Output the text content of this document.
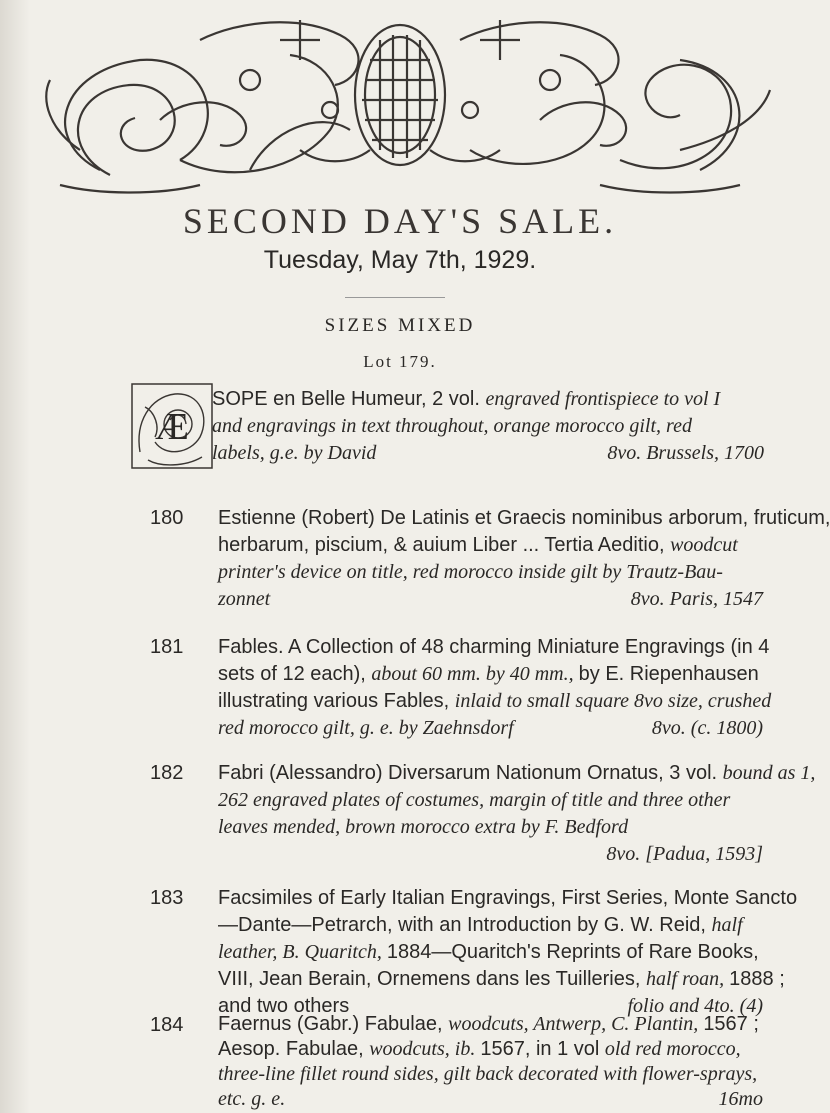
SECOND DAY'S SALE.
Tuesday, May 7th, 1929.
SIZES MIXED
Lot 179.
Æ
SOPE en Belle Humeur, 2 vol. engraved frontispiece to vol I
and engravings in text throughout, orange morocco gilt, red
labels, g.e. by David	8vo. Brussels, 1700
180 Estienne (Robert) De Latinis et Graecis nominibus arborum, fruticum,
herbarum, piscium, & auium Liber ... Tertia Aeditio, woodcut
printer's device on title, red morocco inside gilt by Trautz-Bau-
zonnet	8vo. Paris, 1547
181 Fables. A Collection of 48 charming Miniature Engravings (in 4
sets of 12 each), about 60 mm. by 40 mm., by E. Riepenhausen
illustrating various Fables, inlaid to small square 8vo size, crushed
red morocco gilt, g. e. by Zaehnsdorf	8vo. (c. 1800)
182 Fabri (Alessandro) Diversarum Nationum Ornatus, 3 vol. bound as 1,
262 engraved plates of costumes, margin of title and three other
leaves mended, brown morocco extra by F. Bedford

8vo. [Padua, 1593]
183 Facsimiles of Early Italian Engravings, First Series, Monte Sancto
—Dante—Petrarch, with an Introduction by G. W. Reid, half
leather, B. Quaritch, 1884—Quaritch's Reprints of Rare Books,
VIII, Jean Berain, Ornemens dans les Tuilleries, half roan, 1888 ;
and two others	folio and 4to. (4)
184 Faernus (Gabr.) Fabulae, woodcuts, Antwerp, C. Plantin, 1567 ;
Aesop. Fabulae, woodcuts, ib. 1567, in 1 vol old red morocco,
three-line fillet round sides, gilt back decorated with flower-sprays,
etc. g. e.	16mo
